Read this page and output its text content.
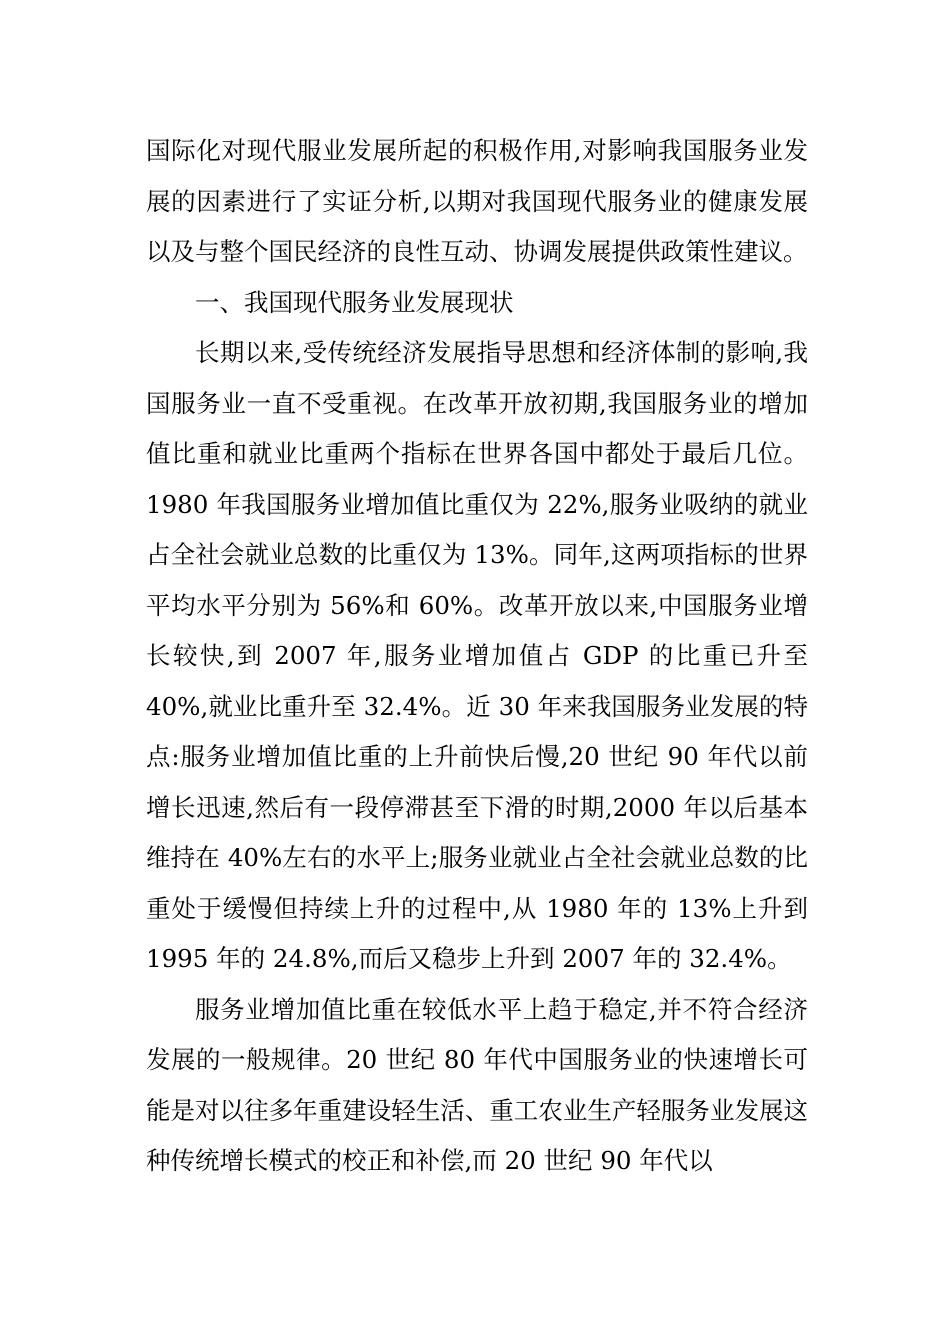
国际化对现代服业发展所起的积极作用,对影响我国服务业发展的因素进行了实证分析,以期对我国现代服务业的健康发展以及与整个国民经济的良性互动、协调发展提供政策性建议。

一、我国现代服务业发展现状

长期以来,受传统经济发展指导思想和经济体制的影响,我国服务业一直不受重视。在改革开放初期,我国服务业的增加值比重和就业比重两个指标在世界各国中都处于最后几位。1980 年我国服务业增加值比重仅为 22%,服务业吸纳的就业占全社会就业总数的比重仅为 13%。同年,这两项指标的世界平均水平分别为 56%和 60%。改革开放以来,中国服务业增长较快,到 2007 年,服务业增加值占 GDP 的比重已升至 40%,就业比重升至 32.4%。近 30 年来我国服务业发展的特点:服务业增加值比重的上升前快后慢,20 世纪 90 年代以前增长迅速,然后有一段停滞甚至下滑的时期,2000 年以后基本维持在 40%左右的水平上;服务业就业占全社会就业总数的比重处于缓慢但持续上升的过程中,从 1980 年的 13%上升到 1995 年的 24.8%,而后又稳步上升到 2007 年的 32.4%。

服务业增加值比重在较低水平上趋于稳定,并不符合经济发展的一般规律。20 世纪 80 年代中国服务业的快速增长可能是对以往多年重建设轻生活、重工农业生产轻服务业发展这种传统增长模式的校正和补偿,而 20 世纪 90 年代以
